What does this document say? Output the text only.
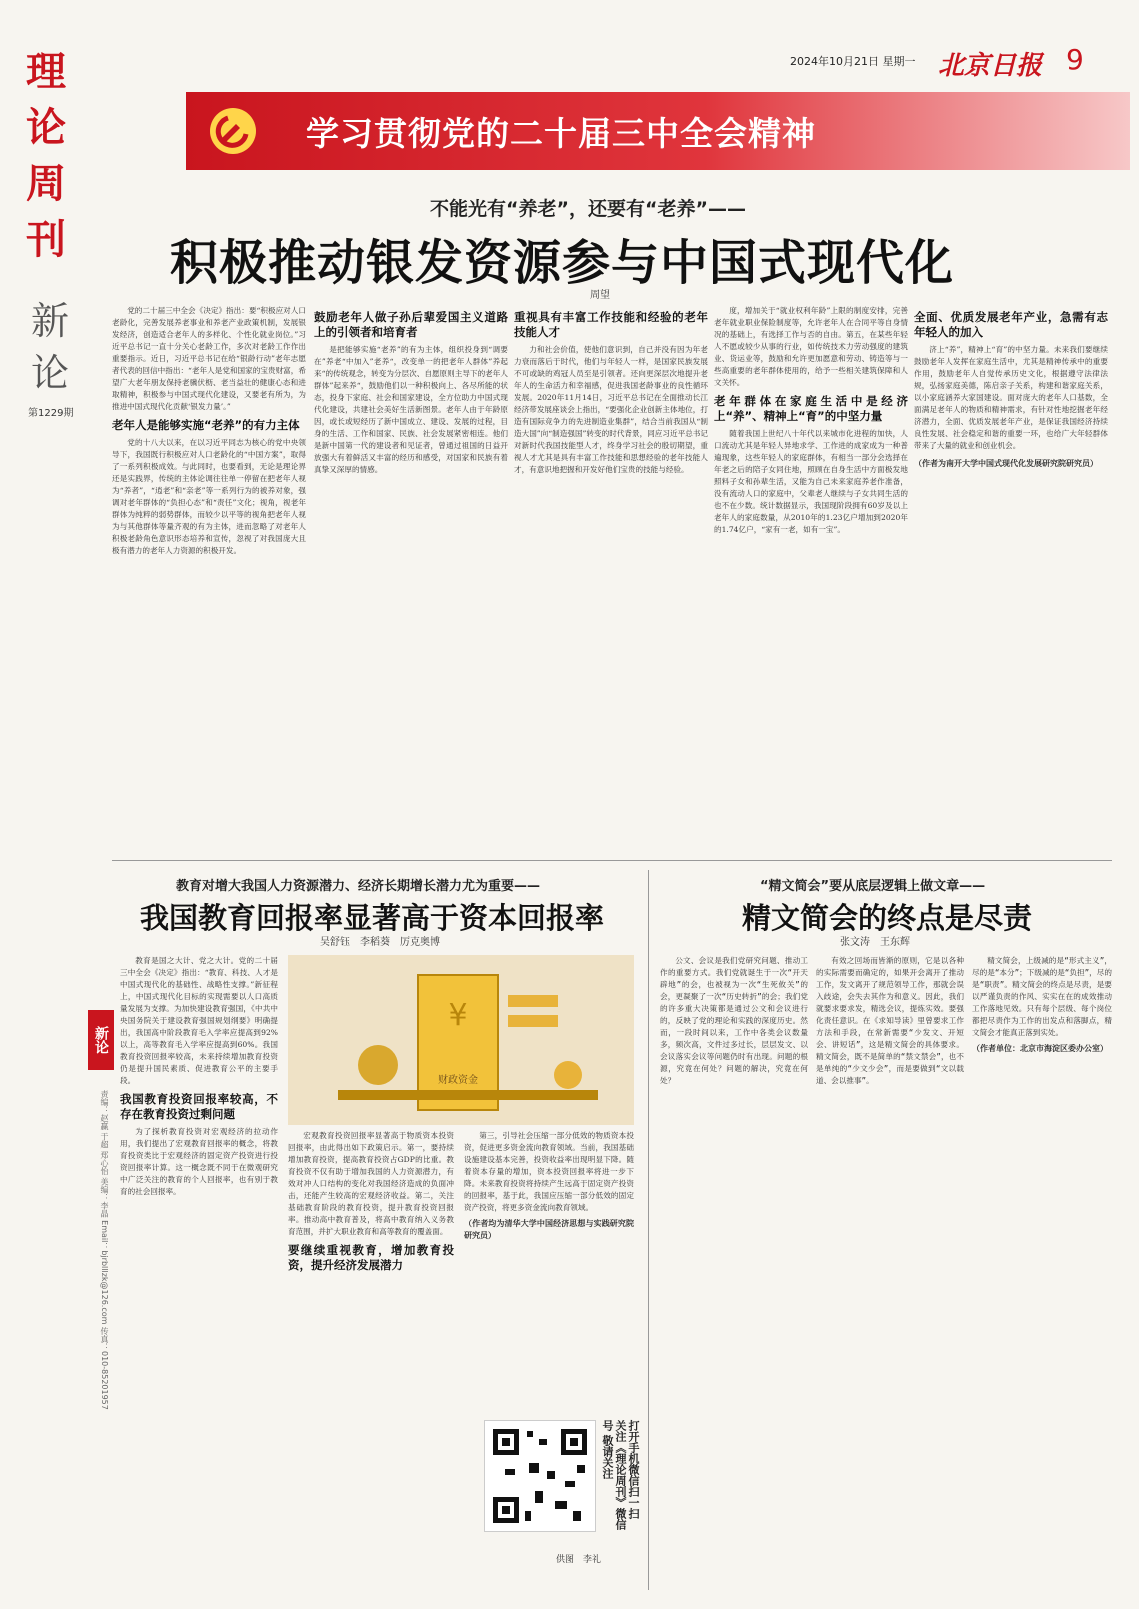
理
论
周
刊
新
论
第1229期
新论
责编：赵赢 于超 郑心怡 美编：李晶 Email：bjrblllzk@126.com 传真：010-85201957
2024年10月21日 星期一 北京日报 9
学习贯彻党的二十届三中全会精神
不能光有“养老”，还要有“老养”——
积极推动银发资源参与中国式现代化
周望

党的二十届三中全会《决定》指出：要“积极应对人口老龄化，完善发展养老事业和养老产业政策机制，发展银发经济，创造适合老年人的多样化、个性化就业岗位。”习近平总书记一直十分关心老龄工作，多次对老龄工作作出重要指示。近日，习近平总书记在给“银龄行动”老年志愿者代表的回信中指出：“老年人是党和国家的宝贵财富，希望广大老年朋友保持老骥伏枥、老当益壮的健康心态和进取精神，积极参与中国式现代化建设，又要老有所为，为推进中国式现代化贡献‘银发力量’。”

老年人是能够实施“老养”的有力主体

党的十八大以来，在以习近平同志为核心的党中央领导下，我国既行积极应对人口老龄化的“中国方案”，取得了一系列积极成效。与此同时，也要看到，无论是理论界还是实践界，传统的主体论调往往单一停留在把老年人视为“养者”，“逍老”和“亲老”等一系列行为的被养对象，强调对老年群体的“负担心态”和“责任”文化；视角，视老年群体为纯粹的弱势群体，而较少以平等的视角把老年人视为与其他群体等量齐观的有为主体，进而忽略了对老年人积极老龄角色意识形态培养和宣传，忽视了对我国庞大且极有潜力的老年人力资源的积极开发。

鼓励老年人做子孙后辈爱国主义道路上的引领者和培育者

是把能够实施“老养”的有为主体，组织投身到“调要在”养老“中加入”老养“，改变单一的把老年人群体”养起来“的传统观念，转变为分层次、自愿原则主导下的老年人群体”起来养“，鼓励他们以一种积极向上、各尽所能的状态，投身下家庭、社会和国家建设，全方位助力中国式现代化建设，共建社会美好生活新图景。老年人由于年龄原因，或长或短经历了新中国成立、建设、发展的过程，目身的生活、工作和国家、民族、社会发展紧密相连。他们是新中国第一代的建设者和见证者，曾通过祖国的日益开放强大有着鲜活又丰富的经历和感受，对国家和民族有着真挚又深厚的情感。

重视具有丰富工作技能和经验的老年技能人才

力和社会价值，使他们意识到，自己并没有因为年老力衰而落后于时代，他们与年轻人一样，是国家民族发展不可或缺的鸡冠人员至是引领者。还向更深层次地提升老年人的生命活力和幸福感，促进我国老龄事业的良性循环发展。2020年11月14日，习近平总书记在全面推动长江经济带发展座谈会上指出，“要强化企业创新主体地位，打造有国际竞争力的先进制造业集群”，结合当前我国从“制造大国”向“制造强国”转变的时代背景，同应习近平总书记对新时代我国技能型人才，终身学习社会的殷切期望，重视人才尤其是具有丰富工作技能和思想经验的老年技能人才，有意识地把握和开发好他们宝贵的技能与经验。

度，增加关于“就业权利年龄”上限的制度安排，完善老年就业职业保险制度等，允许老年人在合同平等自身情况的基础上，有选择工作与否的自由。第五，在某些年轻人不愿或较少从事的行业，如传统技术力劳动强度的建筑业、货运业等，鼓励和允许更加愿意和劳动、铸造等与一些高重要的老年群体使用的，给予一些相关建筑保障和人文关怀。

老年群体在家庭生活中是经济上“养”、精神上“育”的中坚力量

随着我国上世纪八十年代以来城市化进程的加快，人口流动尤其是年轻人异地求学、工作进的成家成为一种普遍现象，这些年轻人的家庭群体，有相当一部分会选择在年老之后的陪子女同住地，照顾在自身生活中方面极发地照料子女和孙辈生活，又能为自己未来家庭养老作准备，没有流动人口的家庭中，父辈老人继续与子女共同生活的也不在少数。统计数据显示，我国现阶段拥有60岁及以上老年人的家庭数量，从2010年的1.23亿户增加到2020年的1.74亿户，“家有一老，如有一宝”。

全面、优质发展老年产业，急需有志年轻人的加入

济上“养”，精神上“育”的中坚力量。未来我们要继续鼓励老年人发挥在家庭生活中，尤其是精神传承中的重要作用，鼓励老年人自觉传承历史文化，根据遵守法律法规，弘扬家庭美德，陈启亲子关系，构建和谐家庭关系，以小家庭涵养大家国建设。面对庞大的老年人口基数，全面满足老年人的物质和精神需求，有针对性地挖掘老年经济潜力，全面、优质发展老年产业，是保证我国经济持续良性发展、社会稳定和谐的重要一环，也给广大年轻群体带来了大量的就业和创业机会。

（作者为南开大学中国式现代化发展研究院研究员）
教育对增大我国人力资源潜力、经济长期增长潜力尤为重要——
我国教育回报率显著高于资本回报率
吴舒钰　李稻葵　厉克奥博

教育是国之大计、党之大计。党的二十届三中全会《决定》指出：“教育、科技、人才是中国式现代化的基础性、战略性支撑。”新征程上，中国式现代化目标的实现需要以人口高质量发展为支撑。为加快建设教育强国，《中共中央国务院关于建设教育强国规划纲要》明确提出，我国高中阶段教育毛入学率应提高到92%以上，高等教育毛入学率应提高到60%。我国教育投资回报率较高，未来持续增加教育投资仍是提升国民素质、促进教育公平的主要手段。

我国教育投资回报率较高，不存在教育投资过剩问题

为了探析教育投资对宏观经济的拉动作用，我们提出了宏观教育回报率的概念，将教育投资类比于宏观经济的固定资产投资进行投资回报率计算。这一概念既不同于在微观研究中广泛关注的教育的个人回报率，也有别于教育的社会回报率。

¥
财政资金

宏观教育投资回报率显著高于物质资本投资回报率，由此得出如下政策启示。第一，要持续增加教育投资，提高教育投资占GDP的比重。教育投资不仅有助于增加我国的人力资源潜力，有效对冲人口结构的变化对我国经济造成的负面冲击，还能产生较高的宏观经济收益。第二，关注基础教育阶段的教育投资，提升教育投资回报率。推动高中教育普及，将高中教育纳入义务教育范围，并扩大职业教育和高等教育的覆盖面。

要继续重视教育，增加教育投资，提升经济发展潜力

第三，引导社会压缩一部分低效的物质资本投资，促进更多资金流向教育领域。当前，我国基础设施建设基本完善，投资收益率出现明显下降。随着资本存量的增加，资本投资回报率将进一步下降。未来教育投资将持续产生远高于固定资产投资的回报率，基于此，我国应压缩一部分低效的固定资产投资，将更多资金流向教育领域。

（作者均为清华大学中国经济思想与实践研究院研究员）
打开手机微信扫一扫 关注《理论周刊》微信号 敬请关注
供图　李礼
“精文简会”要从底层逻辑上做文章——
精文简会的终点是尽责
张文涛　王东辉

公文、会议是我们党研究问题、推动工作的重要方式。我们党就诞生于一次“开天辟地”的会，也被视为一次“生死攸关”的会，更凝聚了一次“历史转折”的会；我们党的许多重大决策都是通过公文和会议进行的，反映了党的理论和实践的深度历史。然而，一段时间以来，工作中各类会议数量多，频次高，文件过多过长，层层发文、以会议落实会议等问题仍时有出现。问题的根源，究竟在何处？问题的解决，究竟在何处？

有效之回场而皆渐的原则，它是以各种的实际需要而确定的，如果开会离开了推动工作，发文离开了规范领导工作，那就会误入歧途，会失去其作为和意义。因此，我们就要求要求发，精选会议，提炼实效。要强化责任意识。在《求知导读》里曾要求工作方法和手段，在常新需要“少发文、开短会、讲短话”，这是精文简会的具体要求。精文简会，既不是简单的“禁文禁会”，也不是单纯的“少文少会”，而是要做到“文以载道、会以推事”。

精文简会，上级减的是“形式主义”，尽的是“本分”；下级减的是“负担”，尽的是“职责”。精文简会的终点是尽责，是要以严谨负责的作风、实实在在的成效推动工作落地见效。只有每个层级、每个岗位都把尽责作为工作的出发点和落脚点，精文简会才能真正落到实处。

（作者单位：北京市海淀区委办公室）
